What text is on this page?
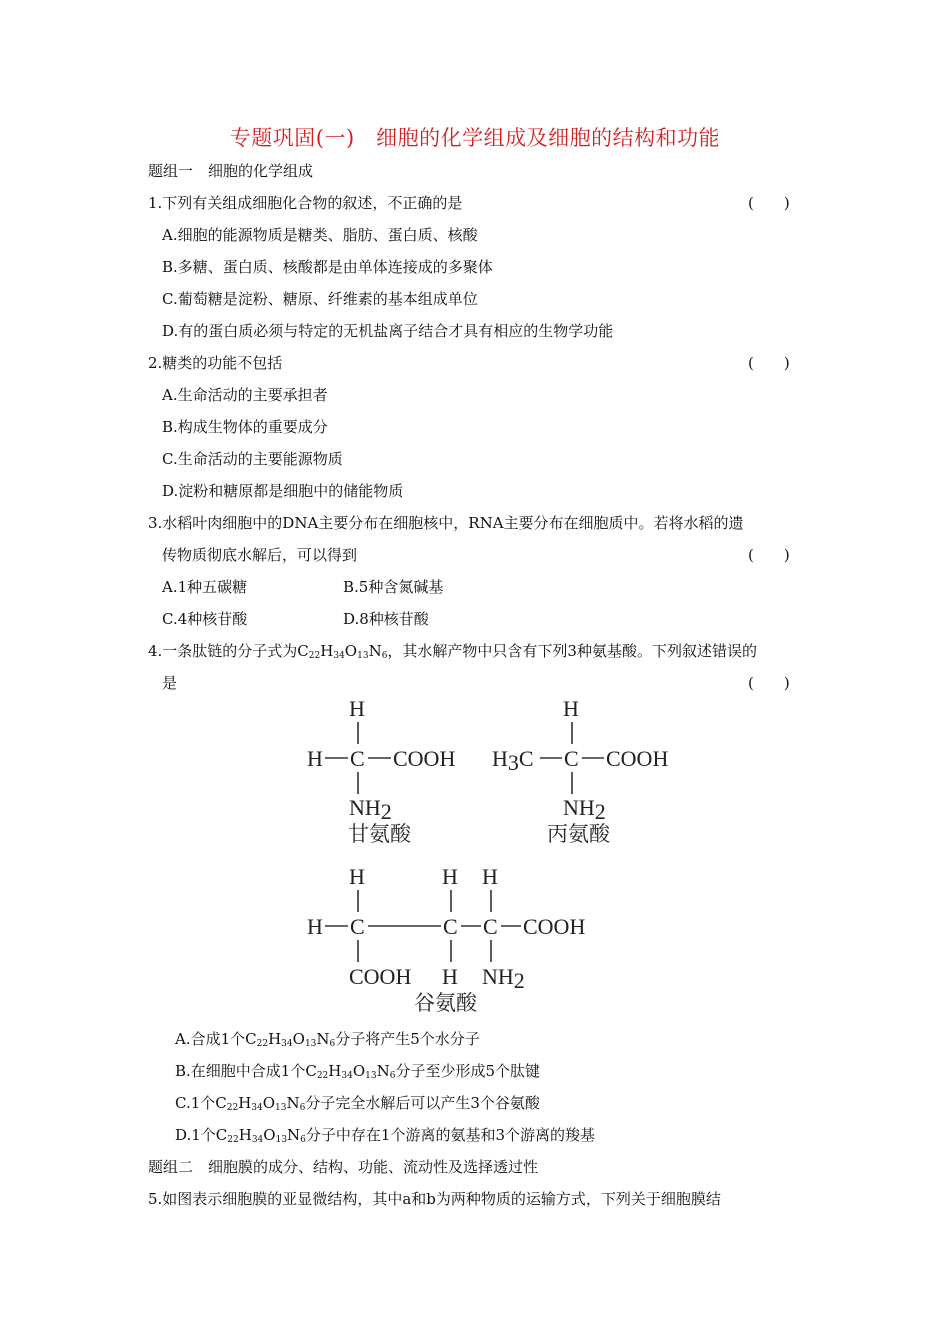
专题巩固(一)　细胞的化学组成及细胞的结构和功能
题组一　细胞的化学组成
1.下列有关组成细胞化合物的叙述，不正确的是	(　　)
A.细胞的能源物质是糖类、脂肪、蛋白质、核酸
B.多糖、蛋白质、核酸都是由单体连接成的多聚体
C.葡萄糖是淀粉、糖原、纤维素的基本组成单位
D.有的蛋白质必须与特定的无机盐离子结合才具有相应的生物学功能
2.糖类的功能不包括	(　　)
A.生命活动的主要承担者
B.构成生物体的重要成分
C.生命活动的主要能源物质
D.淀粉和糖原都是细胞中的储能物质
3.水稻叶肉细胞中的DNA主要分布在细胞核中，RNA主要分布在细胞质中。若将水稻的遗
传物质彻底水解后，可以得到	(　　)
A.1种五碳糖	B.5种含氮碱基
C.4种核苷酸	D.8种核苷酸
4.一条肽链的分子式为$C_{22}H_{34}O_{13}N_6$，其水解产物中只含有下列3种氨基酸。下列叙述错误的
是	(　　)
H
H C COOH
NH2
甘氨酸
H
H3C C COOH
NH2
丙氨酸
H	H H
H C	C C COOH
COOH H NH2
谷氨酸
A.合成1个$C_{22}H_{34}O_{13}N_6$分子将产生5个水分子
B.在细胞中合成1个$C_{22}H_{34}O_{13}N_6$分子至少形成5个肽键
C.1个$C_{22}H_{34}O_{13}N_6$分子完全水解后可以产生3个谷氨酸
D.1个$C_{22}H_{34}O_{13}N_6$分子中存在1个游离的氨基和3个游离的羧基
题组二　细胞膜的成分、结构、功能、流动性及选择透过性
5.如图表示细胞膜的亚显微结构，其中a和b为两种物质的运输方式，下列关于细胞膜结
